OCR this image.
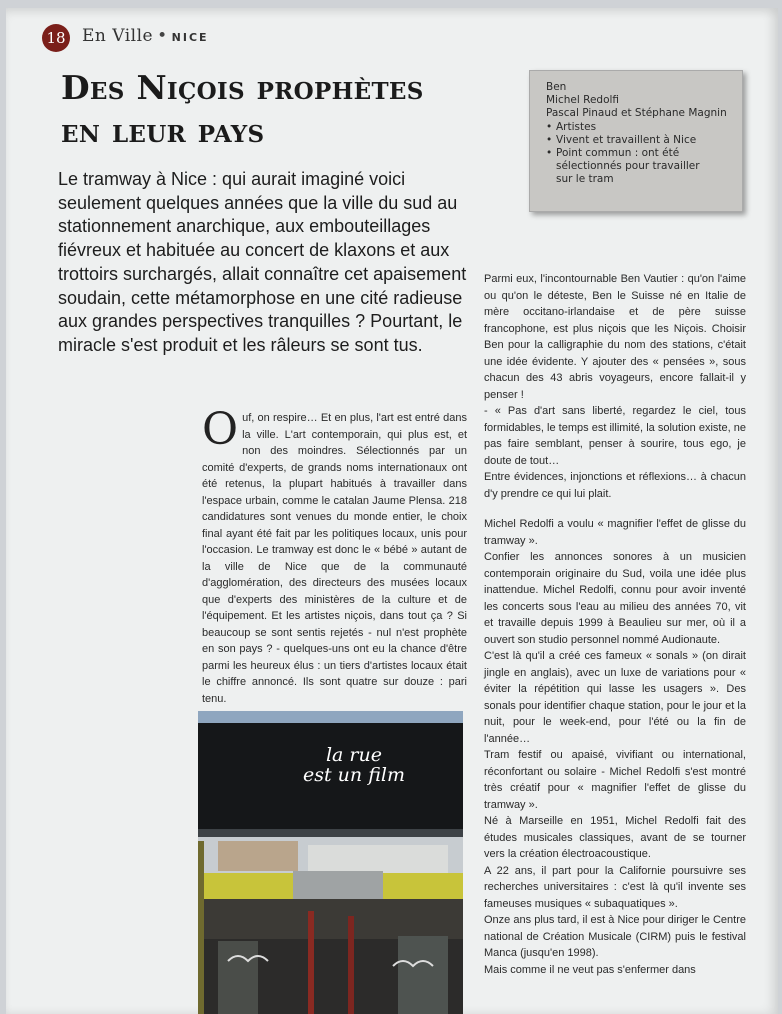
18 En Ville • NICE
Des Niçois prophètes
en leur pays
Ben
Michel Redolfi
Pascal Pinaud et Stéphane Magnin
• Artistes
• Vivent et travaillent à Nice
• Point commun : ont été
sélectionnés pour travailler
sur le tram

Le tramway à Nice : qui aurait imaginé voici seulement quelques années que la ville du sud au stationnement anarchique, aux embouteillages fiévreux et habituée au concert de klaxons et aux trottoirs surchargés, allait connaître cet apaisement soudain, cette métamorphose en une cité radieuse aux grandes perspectives tranquilles ? Pourtant, le miracle s'est produit et les râleurs se sont tus.

Ouf, on respire… Et en plus, l'art est entré dans la ville. L'art contemporain, qui plus est, et non des moindres. Sélectionnés par un comité d'experts, de grands noms internationaux ont été retenus, la plupart habitués à travailler dans l'espace urbain, comme le catalan Jaume Plensa. 218 candidatures sont venues du monde entier, le choix final ayant été fait par les politiques locaux, unis pour l'occasion. Le tramway est donc le « bébé » autant de la ville de Nice que de la communauté d'agglomération, des directeurs des musées locaux que d'experts des ministères de la culture et de l'équipement. Et les artistes niçois, dans tout ça ? Si beaucoup se sont sentis rejetés - nul n'est prophète en son pays ? - quelques-uns ont eu la chance d'être parmi les heureux élus : un tiers d'artistes locaux était le chiffre annoncé. Ils sont quatre sur douze : pari tenu.

Parmi eux, l'incontournable Ben Vautier : qu'on l'aime ou qu'on le déteste, Ben le Suisse né en Italie de mère occitano-irlandaise et de père suisse francophone, est plus niçois que les Niçois. Choisir Ben pour la calligraphie du nom des stations, c'était une idée évidente. Y ajouter des « pensées », sous chacun des 43 abris voyageurs, encore fallait-il y penser !

- « Pas d'art sans liberté, regardez le ciel, tous formidables, le temps est illimité, la solution existe, ne pas faire semblant, penser à sourire, tous ego, je doute de tout…

Entre évidences, injonctions et réflexions… à chacun d'y prendre ce qui lui plait.

Michel Redolfi a voulu « magnifier l'effet de glisse du tramway ».

Confier les annonces sonores à un musicien contemporain originaire du Sud, voila une idée plus inattendue. Michel Redolfi, connu pour avoir inventé les concerts sous l'eau au milieu des années 70, vit et travaille depuis 1999 à Beaulieu sur mer, où il a ouvert son studio personnel nommé Audionaute.

C'est là qu'il a créé ces fameux « sonals » (on dirait jingle en anglais), avec un luxe de variations pour « éviter la répétition qui lasse les usagers ». Des sonals pour identifier chaque station, pour le jour et la nuit, pour le week-end, pour l'été ou la fin de l'année…

Tram festif ou apaisé, vivifiant ou international, réconfortant ou solaire - Michel Redolfi s'est montré très créatif pour « magnifier l'effet de glisse du tramway ».

Né à Marseille en 1951, Michel Redolfi fait des études musicales classiques, avant de se tourner vers la création électroacoustique.

A 22 ans, il part pour la Californie poursuivre ses recherches universitaires : c'est là qu'il invente ses fameuses musiques « subaquatiques ».

Onze ans plus tard, il est à Nice pour diriger le Centre national de Création Musicale (CIRM) puis le festival Manca (jusqu'en 1998).

Mais comme il ne veut pas s'enfermer dans

la rue
est un film
